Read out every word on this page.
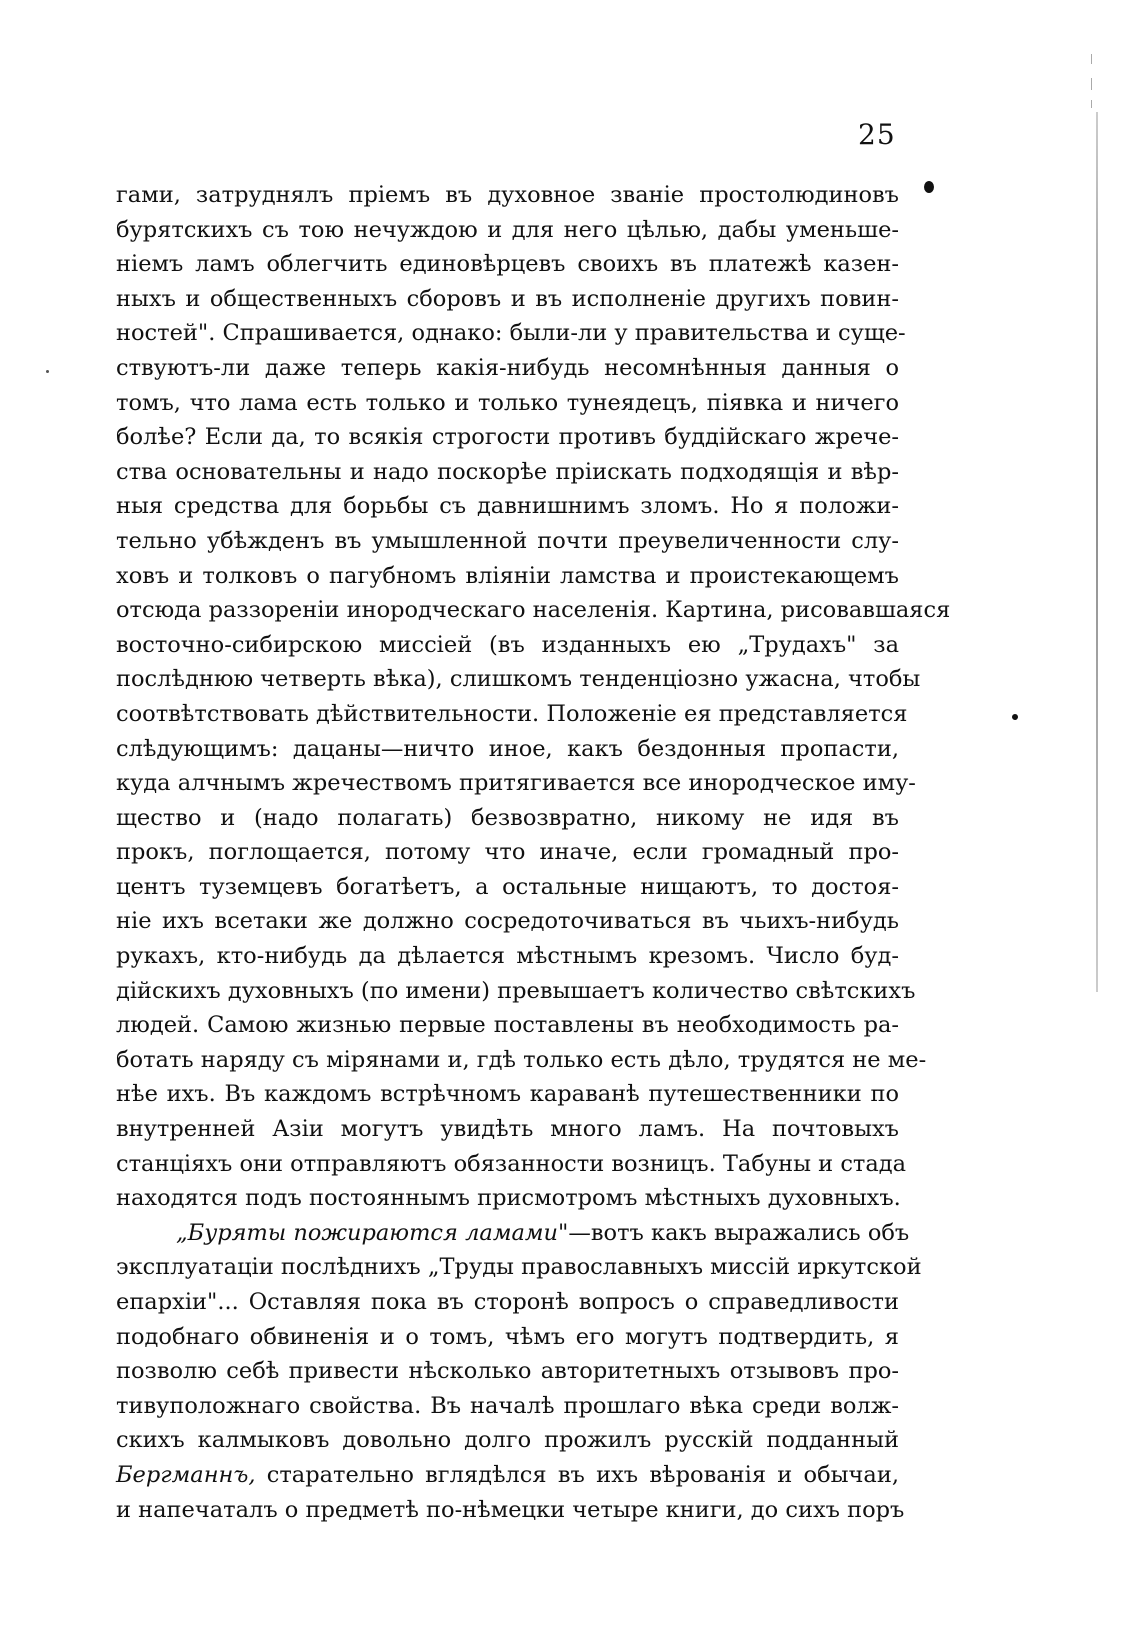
25
гами, затруднялъ пріемъ въ духовное званіе простолюдиновъ
бурятскихъ съ тою нечуждою и для него цѣлью, дабы уменьше-
ніемъ ламъ облегчить единовѣрцевъ своихъ въ платежѣ казен-
ныхъ и общественныхъ сборовъ и въ исполненіе другихъ повин-
ностей". Спрашивается, однако: были-ли у правительства и суще-
ствуютъ-ли даже теперь какія-нибудь несомнѣнныя данныя о
томъ, что лама есть только и только тунеядецъ, піявка и ничего
болѣе? Если да, то всякія строгости противъ буддійскаго жрече-
ства основательны и надо поскорѣе пріискать подходящія и вѣр-
ныя средства для борьбы съ давнишнимъ зломъ. Но я положи-
тельно убѣжденъ въ умышленной почти преувеличенности слу-
ховъ и толковъ о пагубномъ вліяніи ламства и проистекающемъ
отсюда раззореніи инородческаго населенія. Картина, рисовавшаяся
восточно-сибирскою миссіей (въ изданныхъ ею „Трудахъ" за
послѣднюю четверть вѣка), слишкомъ тенденціозно ужасна, чтобы
соотвѣтствовать дѣйствительности. Положеніе ея представляется
слѣдующимъ: дацаны—ничто иное, какъ бездонныя пропасти,
куда алчнымъ жречествомъ притягивается все инородческое иму-
щество и (надо полагать) безвозвратно, никому не идя въ
прокъ, поглощается, потому что иначе, если громадный про-
центъ туземцевъ богатѣетъ, а остальные нищаютъ, то достоя-
ніе ихъ всетаки же должно сосредоточиваться въ чьихъ-нибудь
рукахъ, кто-нибудь да дѣлается мѣстнымъ крезомъ. Число буд-
дійскихъ духовныхъ (по имени) превышаетъ количество свѣтскихъ
людей. Самою жизнью первые поставлены въ необходимость ра-
ботать наряду съ мірянами и, гдѣ только есть дѣло, трудятся не ме-
нѣе ихъ. Въ каждомъ встрѣчномъ караванѣ путешественники по
внутренней Азіи могутъ увидѣть много ламъ. На почтовыхъ
станціяхъ они отправляютъ обязанности возницъ. Табуны и стада
находятся подъ постояннымъ присмотромъ мѣстныхъ духовныхъ.
„Буряты пожираются ламами"—вотъ какъ выражались объ
эксплуатаціи послѣднихъ „Труды православныхъ миссій иркутской
епархіи"... Оставляя пока въ сторонѣ вопросъ о справедливости
подобнаго обвиненія и о томъ, чѣмъ его могутъ подтвердить, я
позволю себѣ привести нѣсколько авторитетныхъ отзывовъ про-
тивуположнаго свойства. Въ началѣ прошлаго вѣка среди волж-
скихъ калмыковъ довольно долго прожилъ русскій подданный
Бергманнъ, старательно вглядѣлся въ ихъ вѣрованія и обычаи,
и напечаталъ о предметѣ по-нѣмецки четыре книги, до сихъ поръ
